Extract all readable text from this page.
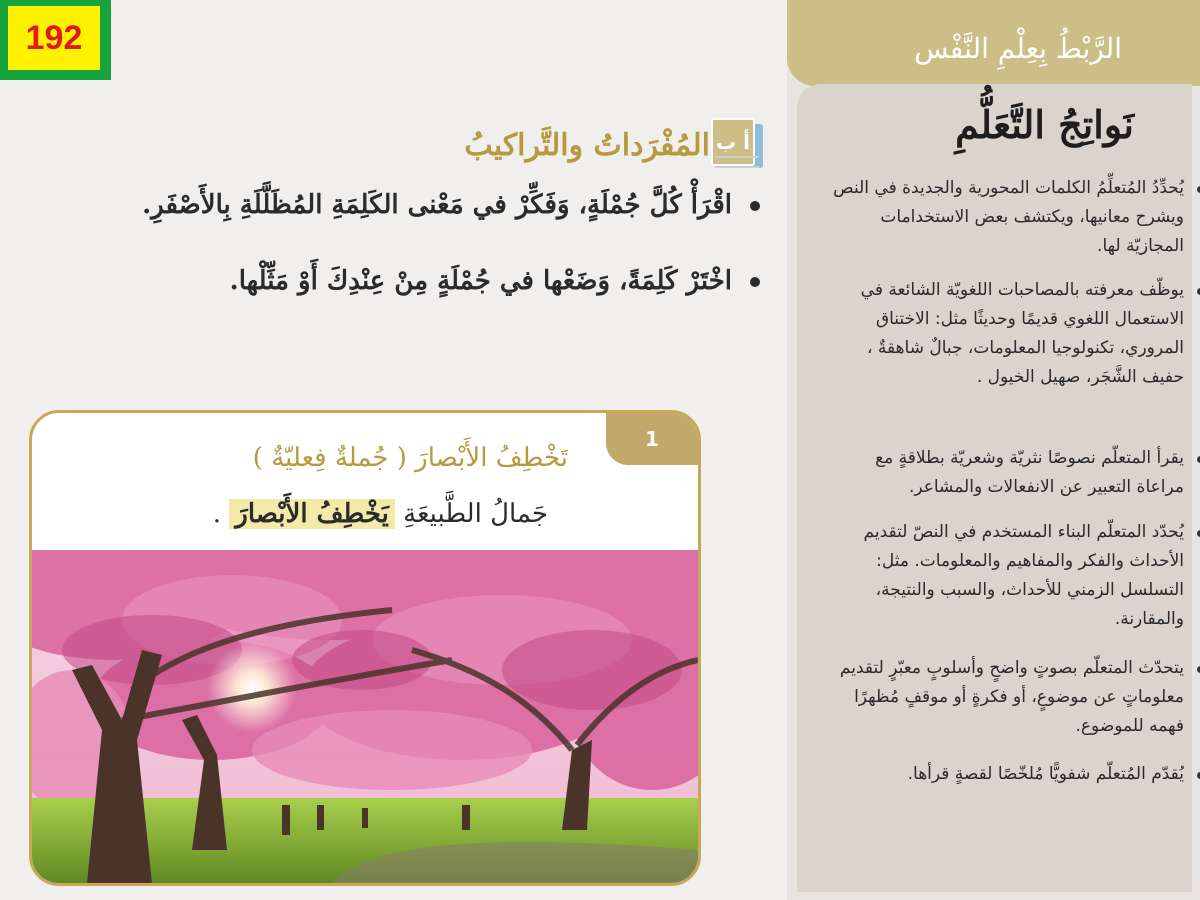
192	الرَّبْطُ بِعِلْمِ النَّفْس
نَواتِجُ التَّعَلُّمِ
يُحدِّدُ المُتعلِّمُ الكلمات المحورية والجديدة في النص ويشرح معانيها، ويكتشف بعض الاستخدامات المجازيّة لها.
يوظّف معرفته بالمصاحبات اللغويّة الشائعة في الاستعمال اللغوي قديمًا وحديثًا مثل: الاختناق المروري، تكنولوجيا المعلومات، جبالٌ شاهقةٌ ، حفيف الشَّجَر، صهيل الخيول .
يقرأ المتعلّم نصوصًا نثريّة وشعريّة بطلاقةٍ مع مراعاة التعبير عن الانفعالات والمشاعر.
يُحدّد المتعلّم البناء المستخدم في النصّ لتقديم الأحداث والفكر والمفاهيم والمعلومات. مثل: التسلسل الزمني للأحداث، والسبب والنتيجة، والمقارنة.
يتحدّث المتعلّم بصوتٍ واضحٍ وأسلوبٍ معبّرٍ لتقديم معلوماتٍ عن موضوعٍ، أو فكرةٍ أو موقفٍ مُظهرًا فهمه للموضوع.
يُقدّم المُتعلّم شفويًّا مُلخّصًا لقصةٍ قرأها.
أ ب
المُفْرَداتُ والتَّراكيبُ
اقْرَأْ كُلَّ جُمْلَةٍ، وَفَكِّرْ في مَعْنى الكَلِمَةِ المُظَلَّلَةِ بِالأَصْفَرِ.
اخْتَرْ كَلِمَةً، وَضَعْها في جُمْلَةٍ مِنْ عِنْدِكَ أَوْ مَثِّلْها.
1
تَخْطِفُ الأَبْصارَ ( جُملةٌ فِعليّةٌ )
جَمالُ الطَّبيعَةِ يَخْطِفُ الأَبْصارَ .
